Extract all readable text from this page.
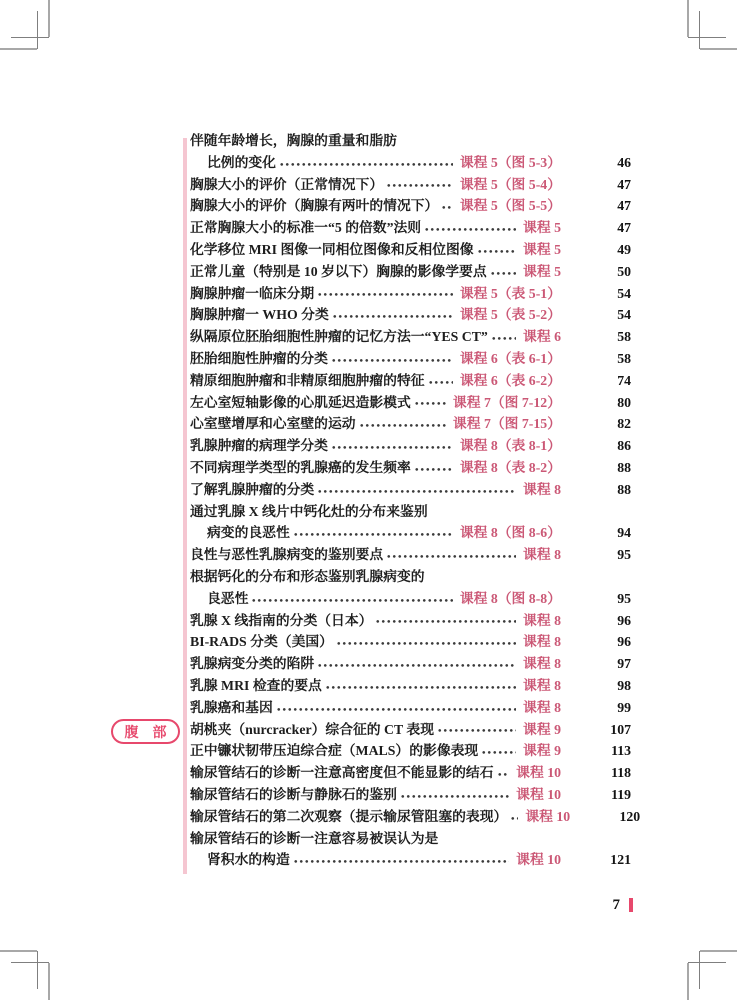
腹　部
伴随年龄增长，胸腺的重量和脂肪
比例的变化	课程 5（图 5-3）	46
胸腺大小的评价（正常情况下）	课程 5（图 5-4）	47
胸腺大小的评价（胸腺有两叶的情况下） 课程 5（图 5-5）	47
正常胸腺大小的标准一“5 的倍数”法则	课程 5	47
化学移位 MRI 图像一同相位图像和反相位图像	课程 5	49
正常儿童（特别是 10 岁以下）胸腺的影像学要点	课程 5	50
胸腺肿瘤一临床分期	课程 5（表 5-1）	54
胸腺肿瘤一 WHO 分类	课程 5（表 5-2）	54
纵隔原位胚胎细胞性肿瘤的记忆方法一“YES CT”	课程 6	58
胚胎细胞性肿瘤的分类	课程 6（表 6-1）	58
精原细胞肿瘤和非精原细胞肿瘤的特征	课程 6（表 6-2）	74
左心室短轴影像的心肌延迟造影模式	课程 7（图 7-12）	80
心室壁增厚和心室壁的运动	课程 7（图 7-15）	82
乳腺肿瘤的病理学分类	课程 8（表 8-1）	86
不同病理学类型的乳腺癌的发生频率	课程 8（表 8-2）	88
了解乳腺肿瘤的分类	课程 8	88
通过乳腺 X 线片中钙化灶的分布来鉴别
病变的良恶性	课程 8（图 8-6）	94
良性与恶性乳腺病变的鉴别要点	课程 8	95
根据钙化的分布和形态鉴别乳腺病变的
良恶性	课程 8（图 8-8）	95
乳腺 X 线指南的分类（日本）	课程 8	96
BI-RADS 分类（美国）	课程 8	96
乳腺病变分类的陷阱	课程 8	97
乳腺 MRI 检查的要点	课程 8	98
乳腺癌和基因	课程 8	99
胡桃夹（nurcracker）综合征的 CT 表现	课程 9	107
正中镰状韧带压迫综合症（MALS）的影像表现	课程 9	113
输尿管结石的诊断一注意高密度但不能显影的结石 课程 10	118
输尿管结石的诊断与静脉石的鉴别	课程 10	119
输尿管结石的第二次观察（提示输尿管阻塞的表现） 课程 10	120
输尿管结石的诊断一注意容易被误认为是
肾积水的构造	课程 10	121
7
